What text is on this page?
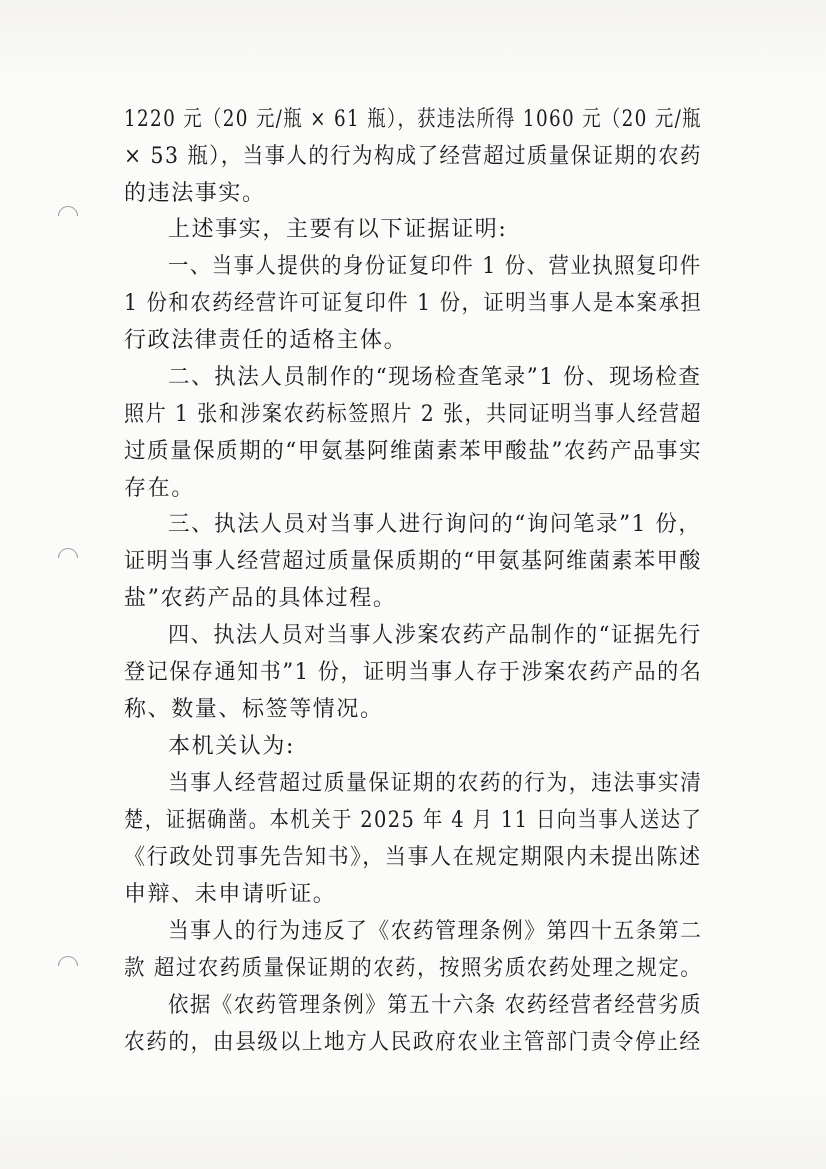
1220 元（20 元/瓶 × 61 瓶），获违法所得 1060 元（20 元/瓶
× 53 瓶），当事人的行为构成了经营超过质量保证期的农药
的违法事实。
上述事实，主要有以下证据证明:
一、当事人提供的身份证复印件 1 份、营业执照复印件
1 份和农药经营许可证复印件 1 份，证明当事人是本案承担
行政法律责任的适格主体。
二、执法人员制作的“现场检查笔录”1 份、现场检查
照片 1 张和涉案农药标签照片 2 张，共同证明当事人经营超
过质量保质期的“甲氨基阿维菌素苯甲酸盐”农药产品事实
存在。
三、执法人员对当事人进行询问的“询问笔录”1 份，
证明当事人经营超过质量保质期的“甲氨基阿维菌素苯甲酸
盐”农药产品的具体过程。
四、执法人员对当事人涉案农药产品制作的“证据先行
登记保存通知书”1 份，证明当事人存于涉案农药产品的名
称、数量、标签等情况。
本机关认为:
当事人经营超过质量保证期的农药的行为，违法事实清
楚，证据确凿。本机关于 2025 年 4 月 11 日向当事人送达了
《行政处罚事先告知书》，当事人在规定期限内未提出陈述
申辩、未申请听证。
当事人的行为违反了《农药管理条例》第四十五条第二
款 超过农药质量保证期的农药，按照劣质农药处理之规定。
依据《农药管理条例》第五十六条 农药经营者经营劣质
农药的，由县级以上地方人民政府农业主管部门责令停止经
